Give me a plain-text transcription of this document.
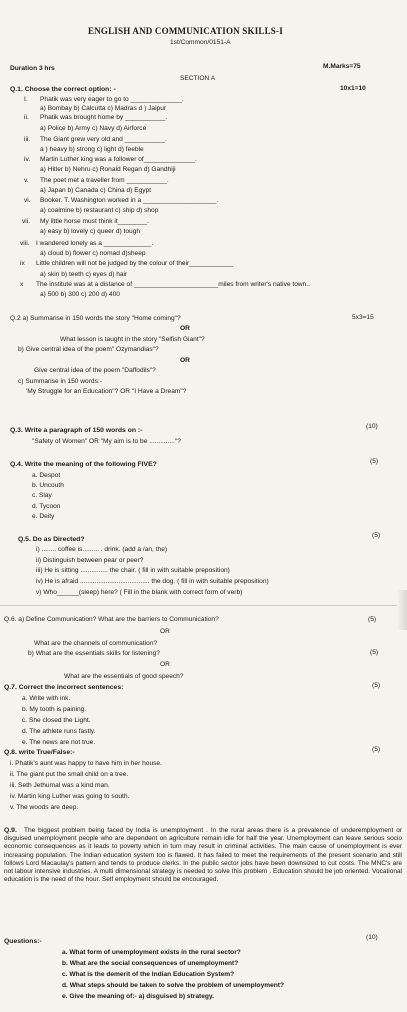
ENGLISH AND COMMUNICATION SKILLS-I
1st/Common/0151-A
Duration 3 hrs	M.Marks=75
SECTION A
Q.1. Choose the correct option: -	10x1=10
I. Phatik was very eager to go to ______________.
a) Bombay b) Calcutta c) Madras d ) Jaipur
ii. Phatik was brought home by ___________.
a) Police b) Army c) Navy d) Airforce
iii. The Giant grew very old and ___________.
a ) heavy b) strong c) light d) feeble
iv. Martin Luther king was a follower of______________.
a) Hitler b) Nehru c) Ronald Regan d) Gandhiji
v. The poet met a traveller from ___________.
a) Japan b) Canada c) China d) Egypt
vi. Booker. T. Washington worked in a ____________________.
a) coalmine b) restaurant c) ship d) shop
vii. My little horse must think it________.
a) easy b) lovely c) queer d) tough
viii. I wandered lonely as a _____________.
a) cloud b) flower c) nomad d)sheep
ix Little children will not be judged by the colour of their____________
a) skin b) teeth c) eyes d) hair
x The institute was at a distance of _______________________miles from writer's native town..
a) 500 b) 300 c) 200 d) 400
Q.2 a) Summarise in 150 words the story "Home coming"?	5x3=15
OR
What lesson is taught in the story "Selfish Giant"?
b) Give central idea of the poem" Ozymandias"?
OR
Give central idea of the poem "Daffodils"?
c) Summarise in 150 words:-
'My Struggle for an Education"? OR "I Have a Dream"?
Q.3. Write a paragraph of 150 words on :-
(10)
"Safety of Women" OR "My aim is to be .............."?
Q.4. Write the meaning of the following FIVE?	(5)
a. Despot
b. Uncouth
c. Slay
d. Tycoon
e. Deity
Q.5. Do as Directed?
(5)
i) ........ coffee is......... . drink. (add a /an, the)
ii) Distinguish between pear or peer?
iii) He is sitting ............... the chair. ( fill in with suitable preposition)
iv) He is afraid ...................................... the dog. ( fill in with suitable preposition)
v) Who______(sleep) here? ( Fill in the blank with correct form of verb)
Q.6. a) Define Communication? What are the barriers to Communication?	(5)
OR
What are the channels of communication?
b) What are the essentials skills for listening?	(5)
OR
What are the essentials of good speech?
Q.7. Correct the incorrect sentences:	(5)
a. Write with ink.
b. My tooth is paining.
c. She closed the Light.
d. The athlete runs fastly.
e. The news are not true.
Q.8. write True/False:-	(5)
i. Phatik's aunt was happy to have him in her house.
ii. The giant put the small child on a tree.
iii. Seth Jethumal was a kind man.
iv. Martin king Luther was going to south.
v. The woods are deep.
Q.9.	The biggest problem being faced by India is unemployment . In the rural areas there is a prevalence of underemployment or disguised unemployment people who are dependent on agriculture remain idle for half the year. Unemployment can leave serious socio economic consequences as it leads to poverty which in turn may result in criminal activities. The main cause of unemployment is ever increasing population. The Indian education system too is flawed. It has failed to meet the requirements of the present scenario and still follows Lord Macaulay's pattern and tends to produce clerks. In the public sector jobs have been downsized to cut costs. The MNC's are not labour intensive industries. A multi dimensional strategy is needed to solve this problem . Education should be job oriented. Vocational education is the need of the hour. Self employment should be encouraged.
Questions:-
(10)
a. What form of unemployment exists in the rural sector?
b. What are the social consequences of unemployment?
c. What is the demerit of the Indian Education System?
d. What steps should be taken to solve the problem of unemployment?
e. Give the meaning of:- a) disguised b) strategy.
